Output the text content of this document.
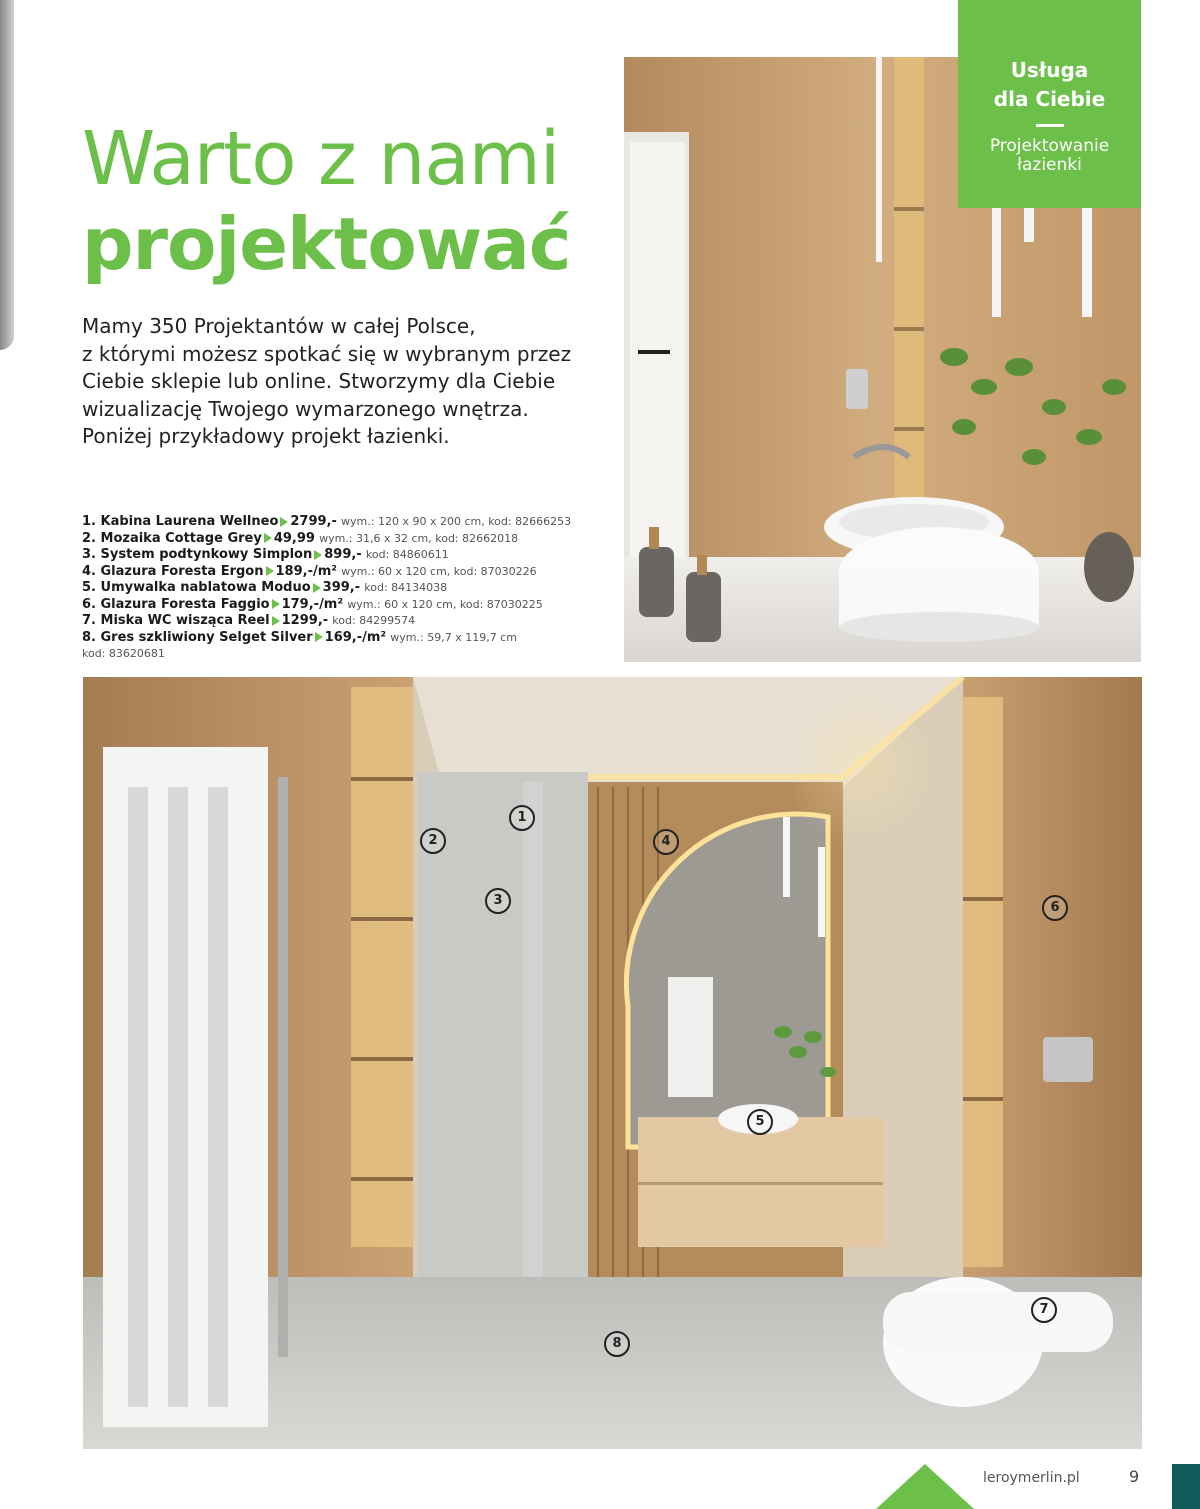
Usługa
dla Ciebie
Projektowanie
łazienki
Warto z nami
projektować
Mamy 350 Projektantów w całej Polsce,
z którymi możesz spotkać się w wybranym przez
Ciebie sklepie lub online. Stworzymy dla Ciebie
wizualizację Twojego wymarzonego wnętrza.
Poniżej przykładowy projekt łazienki.
1. Kabina Laurena Wellneo 2799,- wym.: 120 x 90 x 200 cm, kod: 82666253
2. Mozaika Cottage Grey 49,99 wym.: 31,6 x 32 cm, kod: 82662018
3. System podtynkowy Simplon 899,- kod: 84860611
4. Glazura Foresta Ergon 189,-/m² wym.: 60 x 120 cm, kod: 87030226
5. Umywalka nablatowa Moduo 399,- kod: 84134038
6. Glazura Foresta Faggio 179,-/m² wym.: 60 x 120 cm, kod: 87030225
7. Miska WC wisząca Reel 1299,- kod: 84299574
8. Gres szkliwiony Selget Silver 169,-/m² wym.: 59,7 x 119,7 cm
kod: 83620681
1
2
3
4
5
6
7
8
leroymerlin.pl	9
